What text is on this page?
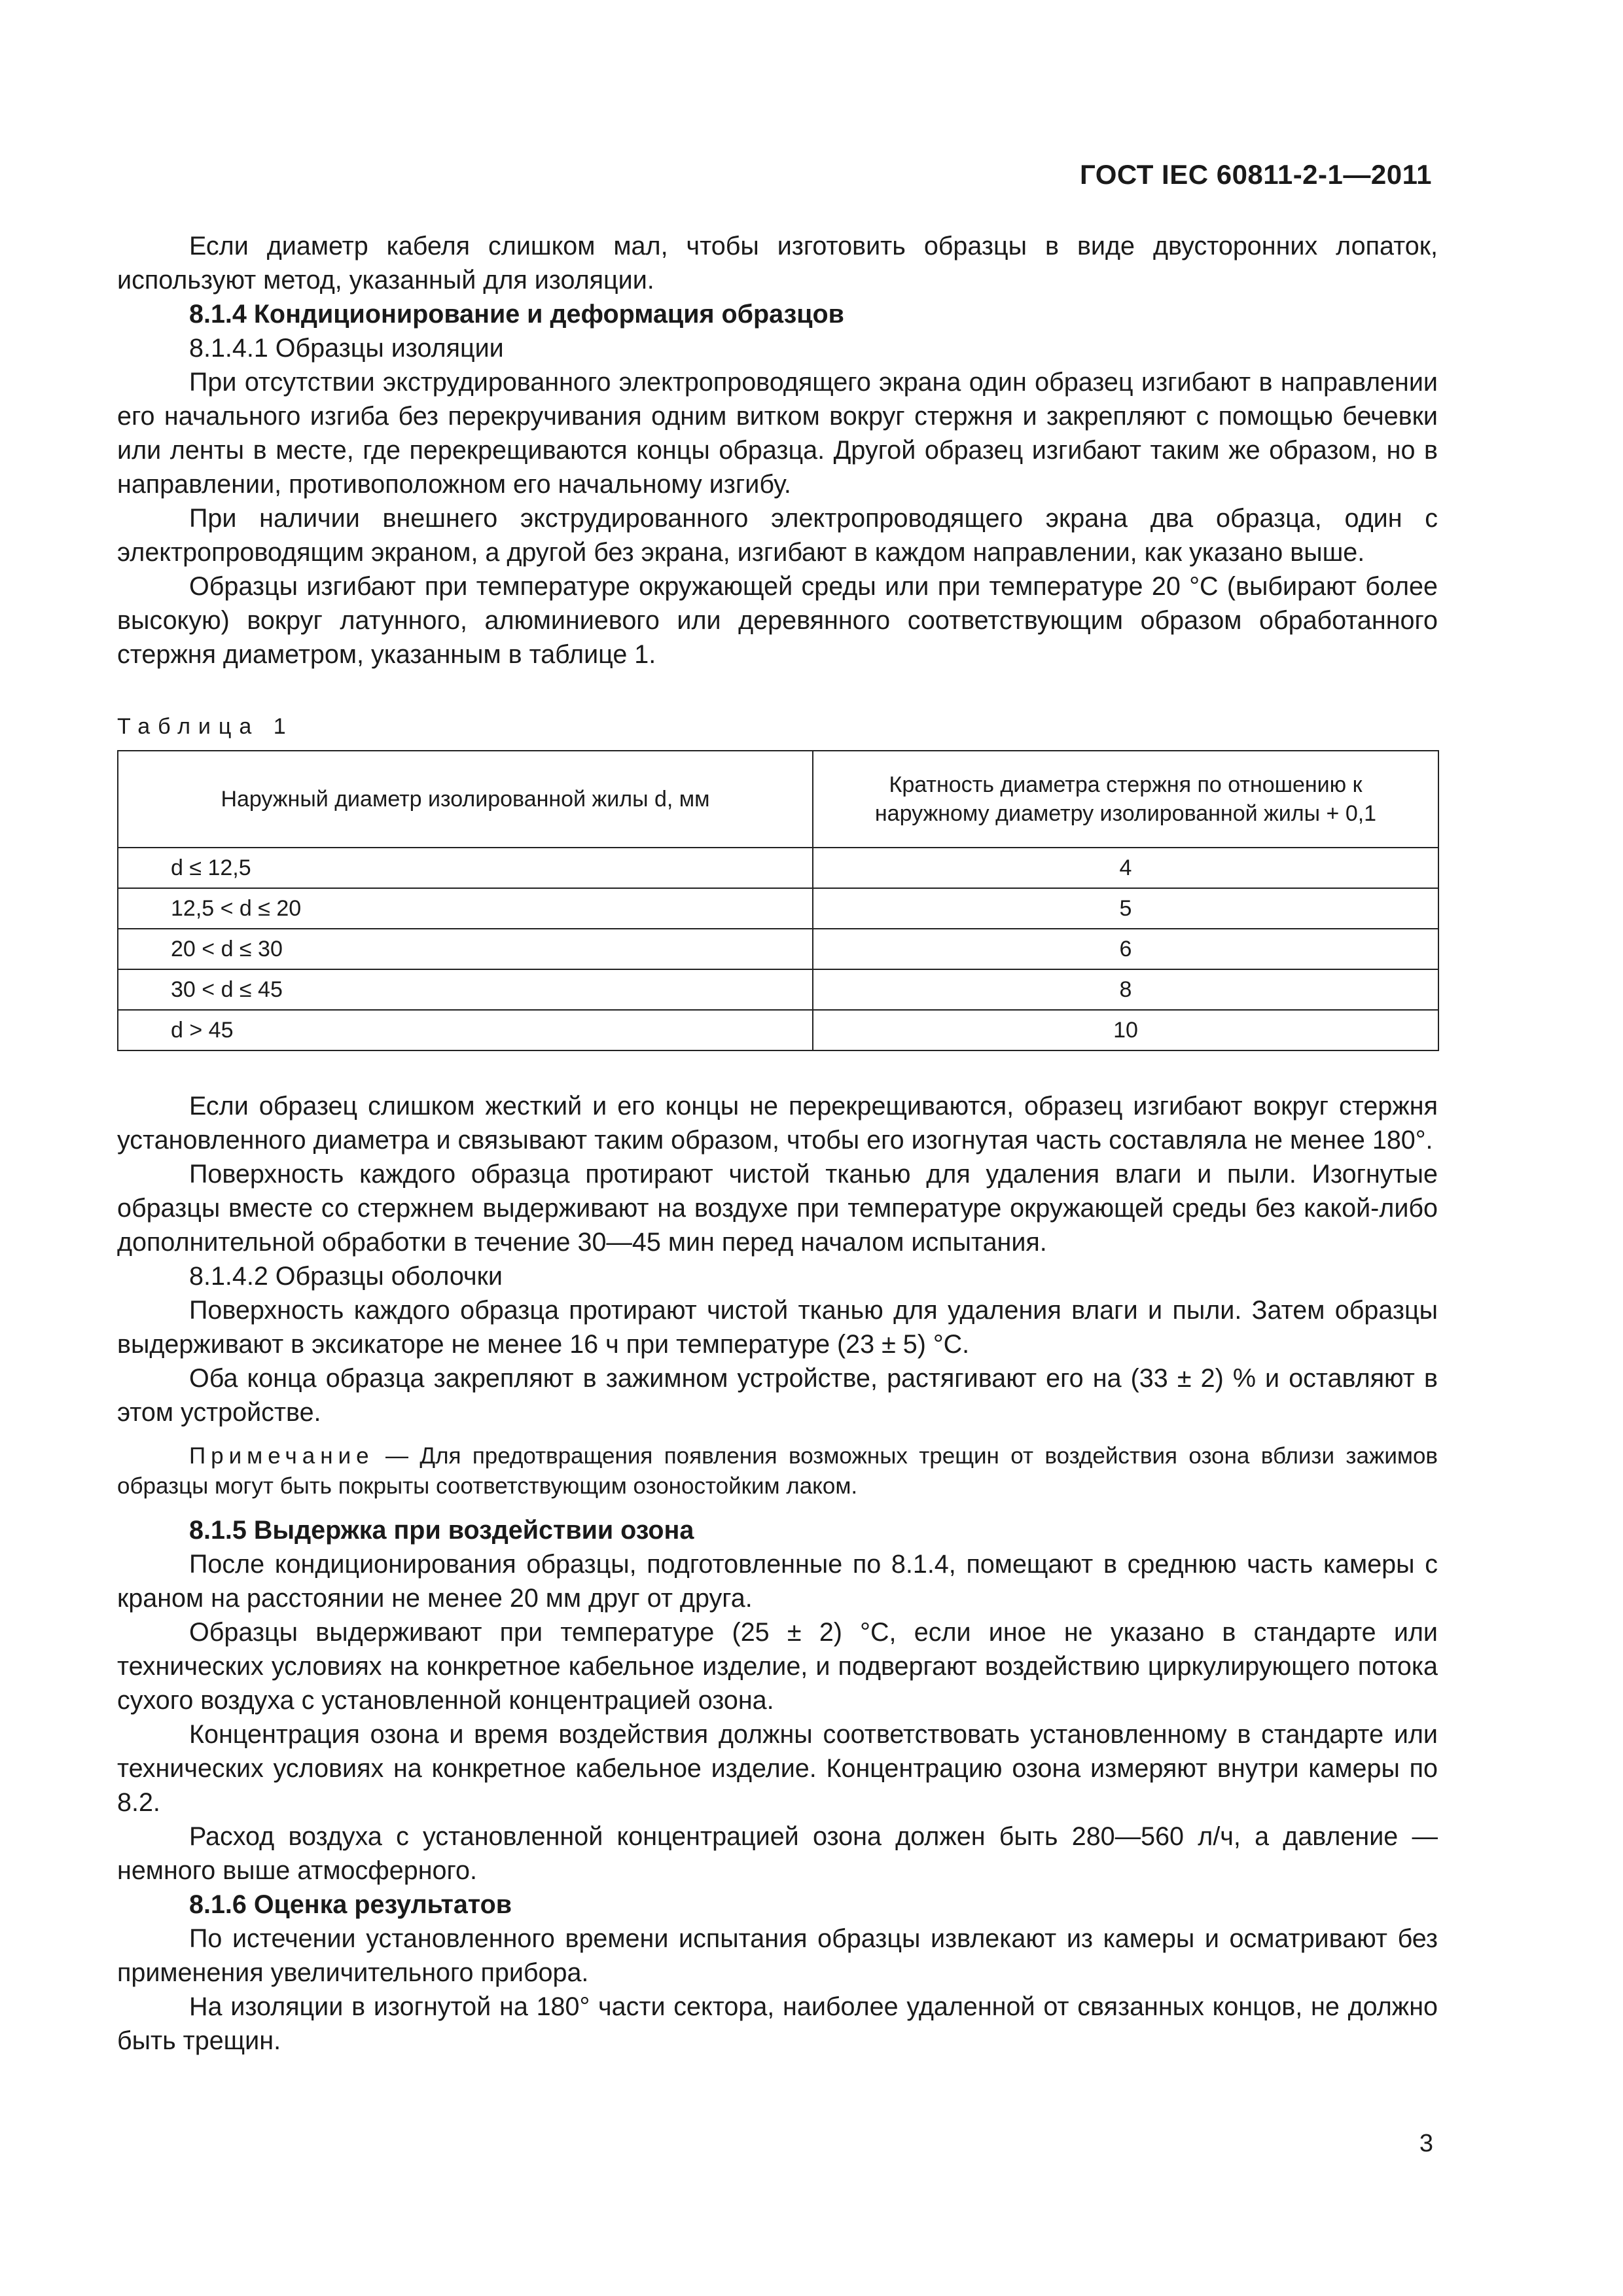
ГОСТ IEC 60811-2-1—2011

Если диаметр кабеля слишком мал, чтобы изготовить образцы в виде двусторонних лопаток, используют метод, указанный для изоляции.

8.1.4 Кондиционирование и деформация образцов
8.1.4.1 Образцы изоляции

При отсутствии экструдированного электропроводящего экрана один образец изгибают в направлении его начального изгиба без перекручивания одним витком вокруг стержня и закрепляют с помощью бечевки или ленты в месте, где перекрещиваются концы образца. Другой образец изгибают таким же образом, но в направлении, противоположном его начальному изгибу.

При наличии внешнего экструдированного электропроводящего экрана два образца, один с электропроводящим экраном, а другой без экрана, изгибают в каждом направлении, как указано выше.

Образцы изгибают при температуре окружающей среды или при температуре 20 °C (выбирают более высокую) вокруг латунного, алюминиевого или деревянного соответствующим образом обработанного стержня диаметром, указанным в таблице 1.

Таблица 1
Наружный диаметр изолированной жилы d, мм	Кратность диаметра стержня по отношению к наружному диаметру изолированной жилы + 0,1
d ≤ 12,5	4
12,5 < d ≤ 20	5
20 < d ≤ 30	6
30 < d ≤ 45	8
d > 45	10

Если образец слишком жесткий и его концы не перекрещиваются, образец изгибают вокруг стержня установленного диаметра и связывают таким образом, чтобы его изогнутая часть составляла не менее 180°.

Поверхность каждого образца протирают чистой тканью для удаления влаги и пыли. Изогнутые образцы вместе со стержнем выдерживают на воздухе при температуре окружающей среды без какой-либо дополнительной обработки в течение 30—45 мин перед началом испытания.

8.1.4.2 Образцы оболочки

Поверхность каждого образца протирают чистой тканью для удаления влаги и пыли. Затем образцы выдерживают в эксикаторе не менее 16 ч при температуре (23 ± 5) °С.

Оба конца образца закрепляют в зажимном устройстве, растягивают его на (33 ± 2) % и оставляют в этом устройстве.

Примечание — Для предотвращения появления возможных трещин от воздействия озона вблизи зажимов образцы могут быть покрыты соответствующим озоностойким лаком.
8.1.5 Выдержка при воздействии озона

После кондиционирования образцы, подготовленные по 8.1.4, помещают в среднюю часть камеры с краном на расстоянии не менее 20 мм друг от друга.

Образцы выдерживают при температуре (25 ± 2) °С, если иное не указано в стандарте или технических условиях на конкретное кабельное изделие, и подвергают воздействию циркулирующего потока сухого воздуха с установленной концентрацией озона.

Концентрация озона и время воздействия должны соответствовать установленному в стандарте или технических условиях на конкретное кабельное изделие. Концентрацию озона измеряют внутри камеры по 8.2.

Расход воздуха с установленной концентрацией озона должен быть 280—560 л/ч, а давление — немного выше атмосферного.

8.1.6 Оценка результатов

По истечении установленного времени испытания образцы извлекают из камеры и осматривают без применения увеличительного прибора.

На изоляции в изогнутой на 180° части сектора, наиболее удаленной от связанных концов, не должно быть трещин.

3
